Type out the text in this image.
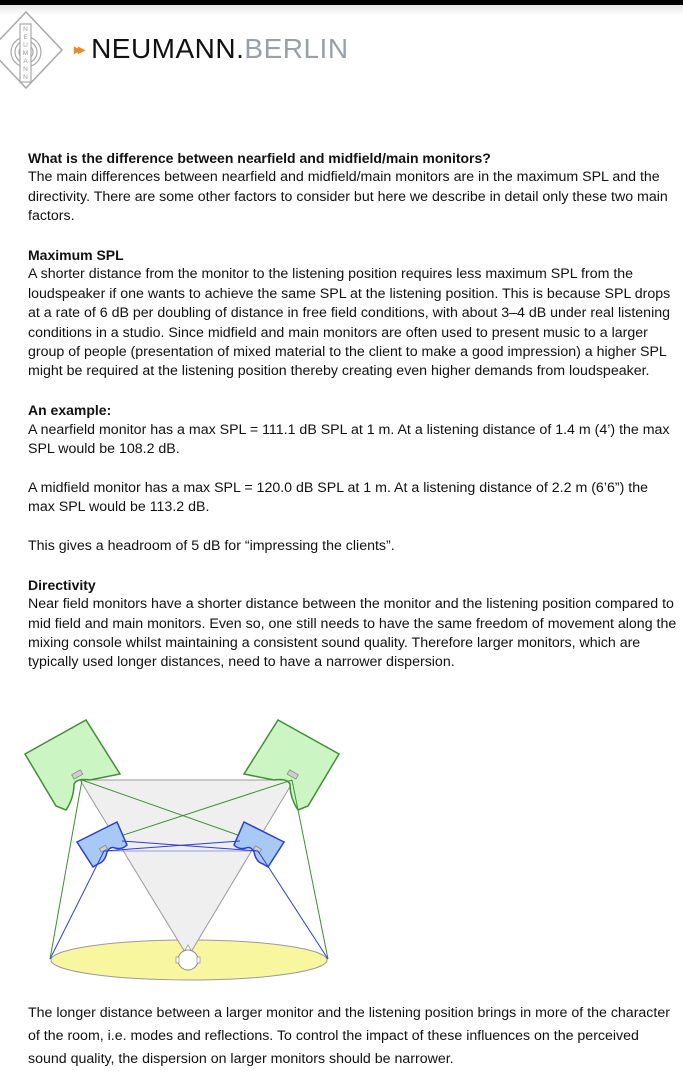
N
E
U
M
A
N
N
▸▸ NEUMANN. BERLIN

What is the difference between nearfield and midfield/main monitors?

The main differences between nearfield and midfield/main monitors are in the maximum SPL and the directivity. There are some other factors to consider but here we describe in detail only these two main factors.

Maximum SPL

A shorter distance from the monitor to the listening position requires less maximum SPL from the loudspeaker if one wants to achieve the same SPL at the listening position. This is because SPL drops at a rate of 6 dB per doubling of distance in free field conditions, with about 3–4 dB under real listening conditions in a studio. Since midfield and main monitors are often used to present music to a larger group of people (presentation of mixed material to the client to make a good impression) a higher SPL might be required at the listening position thereby creating even higher demands from loudspeaker.

An example:

A nearfield monitor has a max SPL = 111.1 dB SPL at 1 m. At a listening distance of 1.4 m (4’) the max SPL would be 108.2 dB.

A midfield monitor has a max SPL = 120.0 dB SPL at 1 m. At a listening distance of 2.2 m (6’6”) the max SPL would be 113.2 dB.

This gives a headroom of 5 dB for “impressing the clients”.

Directivity

Near field monitors have a shorter distance between the monitor and the listening position compared to mid field and main monitors. Even so, one still needs to have the same freedom of movement along the mixing console whilst maintaining a consistent sound quality. Therefore larger monitors, which are typically used longer distances, need to have a narrower dispersion.

The longer distance between a larger monitor and the listening position brings in more of the character of the room, i.e. modes and reflections. To control the impact of these influences on the perceived sound quality, the dispersion on larger monitors should be narrower.
